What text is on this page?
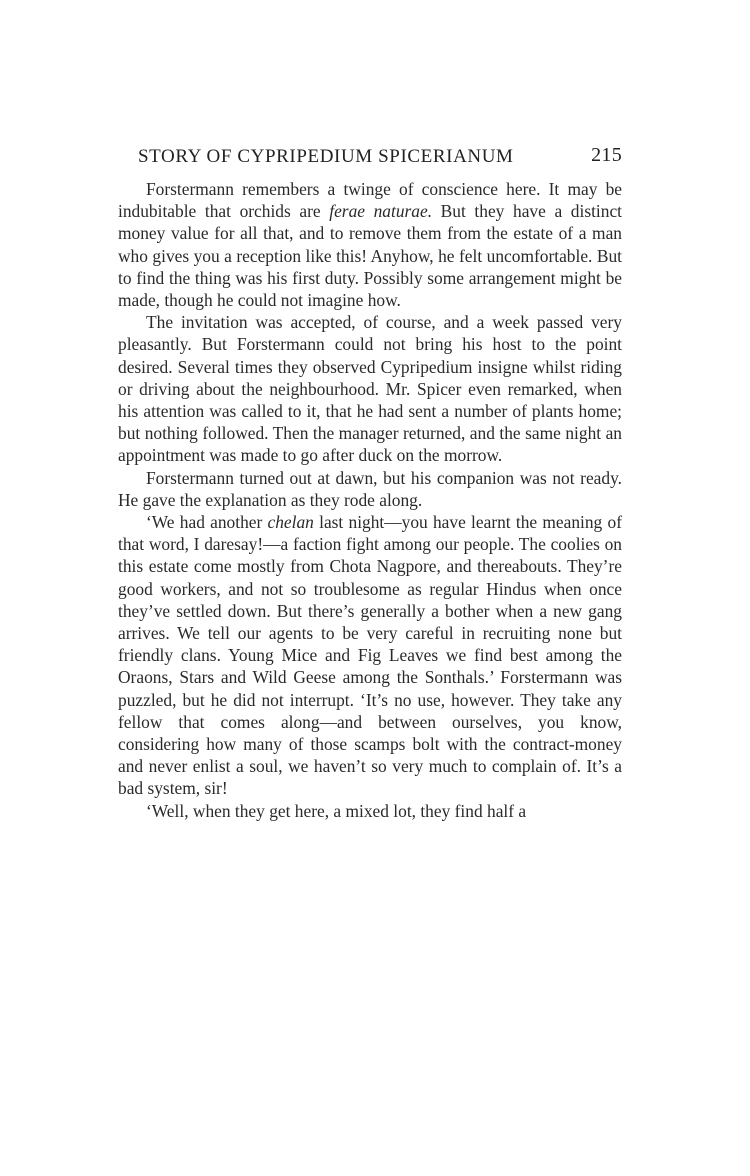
STORY OF CYPRIPEDIUM SPICERIANUM	215

Forstermann remembers a twinge of conscience here. It may be indubitable that orchids are ferae naturae. But they have a distinct money value for all that, and to remove them from the estate of a man who gives you a reception like this! Anyhow, he felt uncomfortable. But to find the thing was his first duty. Possibly some arrangement might be made, though he could not imagine how.

The invitation was accepted, of course, and a week passed very pleasantly. But Forstermann could not bring his host to the point desired. Several times they observed Cypripedium insigne whilst riding or driving about the neighbourhood. Mr. Spicer even remarked, when his attention was called to it, that he had sent a number of plants home; but nothing followed. Then the manager returned, and the same night an appointment was made to go after duck on the morrow.

Forstermann turned out at dawn, but his companion was not ready. He gave the explanation as they rode along.

‘We had another chelan last night—you have learnt the meaning of that word, I daresay!—a faction fight among our people. The coolies on this estate come mostly from Chota Nagpore, and thereabouts. They’re good workers, and not so troublesome as regular Hindus when once they’ve settled down. But there’s generally a bother when a new gang arrives. We tell our agents to be very careful in recruiting none but friendly clans. Young Mice and Fig Leaves we find best among the Oraons, Stars and Wild Geese among the Sonthals.’ Forstermann was puzzled, but he did not interrupt. ‘It’s no use, however. They take any fellow that comes along—and between ourselves, you know, considering how many of those scamps bolt with the contract-money and never enlist a soul, we haven’t so very much to complain of. It’s a bad system, sir!

‘Well, when they get here, a mixed lot, they find half a
